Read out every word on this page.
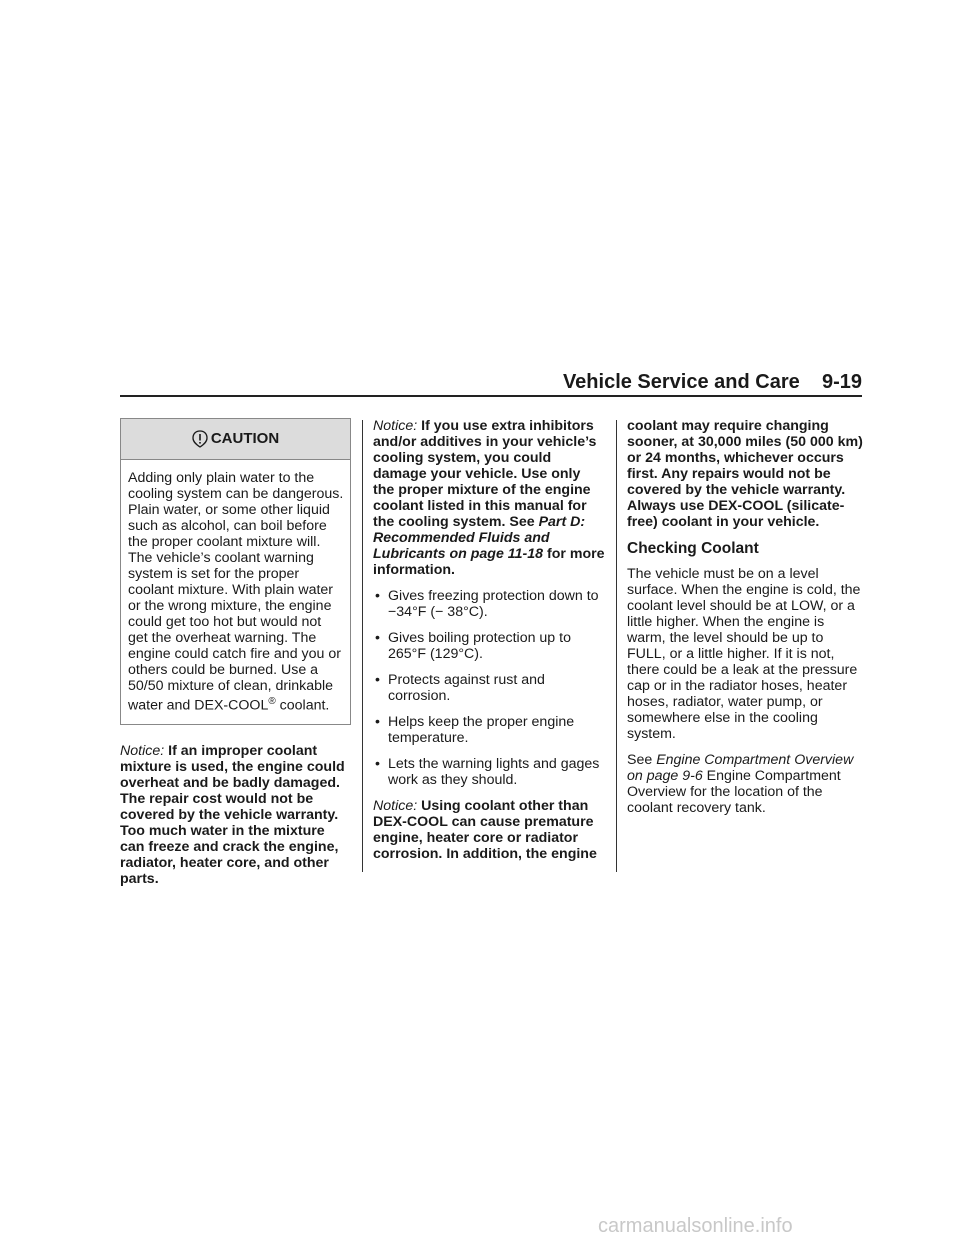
Vehicle Service and Care    9-19
CAUTION
Adding only plain water to the cooling system can be dangerous. Plain water, or some other liquid such as alcohol, can boil before the proper coolant mixture will. The vehicle’s coolant warning system is set for the proper coolant mixture. With plain water or the wrong mixture, the engine could get too hot but would not get the overheat warning. The engine could catch fire and you or others could be burned. Use a 50/50 mixture of clean, drinkable water and DEX-COOL® coolant.

Notice: If an improper coolant mixture is used, the engine could overheat and be badly damaged. The repair cost would not be covered by the vehicle warranty. Too much water in the mixture can freeze and crack the engine, radiator, heater core, and other parts.

Notice: If you use extra inhibitors and/or additives in your vehicle’s cooling system, you could damage your vehicle. Use only the proper mixture of the engine coolant listed in this manual for the cooling system. See Part D: Recommended Fluids and Lubricants on page 11-18 for more information.

• Gives freezing protection down to −34°F (− 38°C).
• Gives boiling protection up to 265°F (129°C).
• Protects against rust and corrosion.
• Helps keep the proper engine temperature.
• Lets the warning lights and gages work as they should.

Notice: Using coolant other than DEX-COOL can cause premature engine, heater core or radiator corrosion. In addition, the engine

coolant may require changing sooner, at 30,000 miles (50 000 km) or 24 months, whichever occurs first. Any repairs would not be covered by the vehicle warranty. Always use DEX-COOL (silicate-free) coolant in your vehicle.

Checking Coolant

The vehicle must be on a level surface. When the engine is cold, the coolant level should be at LOW, or a little higher. When the engine is warm, the level should be up to FULL, or a little higher. If it is not, there could be a leak at the pressure cap or in the radiator hoses, heater hoses, radiator, water pump, or somewhere else in the cooling system.

See Engine Compartment Overview on page 9-6 Engine Compartment Overview for the location of the coolant recovery tank.

carmanualsonline.info
